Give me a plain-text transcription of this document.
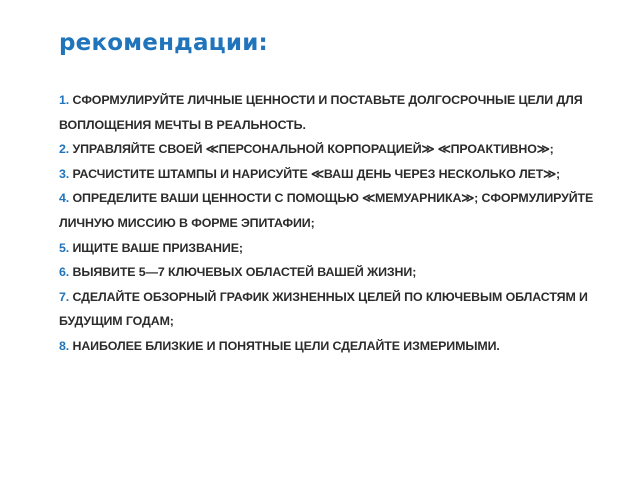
рекомендации:
1. СФОРМУЛИРУЙТЕ ЛИЧНЫЕ ЦЕННОСТИ И ПОСТАВЬТЕ ДОЛГОСРОЧНЫЕ ЦЕЛИ ДЛЯ ВОПЛОЩЕНИЯ МЕЧТЫ В РЕАЛЬНОСТЬ.
2. УПРАВЛЯЙТЕ СВОЕЙ ≪ПЕРСОНАЛЬНОЙ КОРПОРАЦИЕЙ≫ ≪ПРОАКТИВНО≫;
3. РАСЧИСТИТЕ ШТАМПЫ И НАРИСУЙТЕ ≪ВАШ ДЕНЬ ЧЕРЕЗ НЕСКОЛЬКО ЛЕТ≫;
4. ОПРЕДЕЛИТЕ ВАШИ ЦЕННОСТИ С ПОМОЩЬЮ ≪МЕМУАРНИКА≫; СФОРМУЛИРУЙТЕ ЛИЧНУЮ МИССИЮ В ФОРМЕ ЭПИТАФИИ;
5. ИЩИТЕ ВАШЕ ПРИЗВАНИЕ;
6. ВЫЯВИТЕ 5—7 КЛЮЧЕВЫХ ОБЛАСТЕЙ ВАШЕЙ ЖИЗНИ;
7. СДЕЛАЙТЕ ОБЗОРНЫЙ ГРАФИК ЖИЗНЕННЫХ ЦЕЛЕЙ ПО КЛЮЧЕВЫМ ОБЛАСТЯМ И БУДУЩИМ ГОДАМ;
8. НАИБОЛЕЕ БЛИЗКИЕ И ПОНЯТНЫЕ ЦЕЛИ СДЕЛАЙТЕ ИЗМЕРИМЫМИ.
